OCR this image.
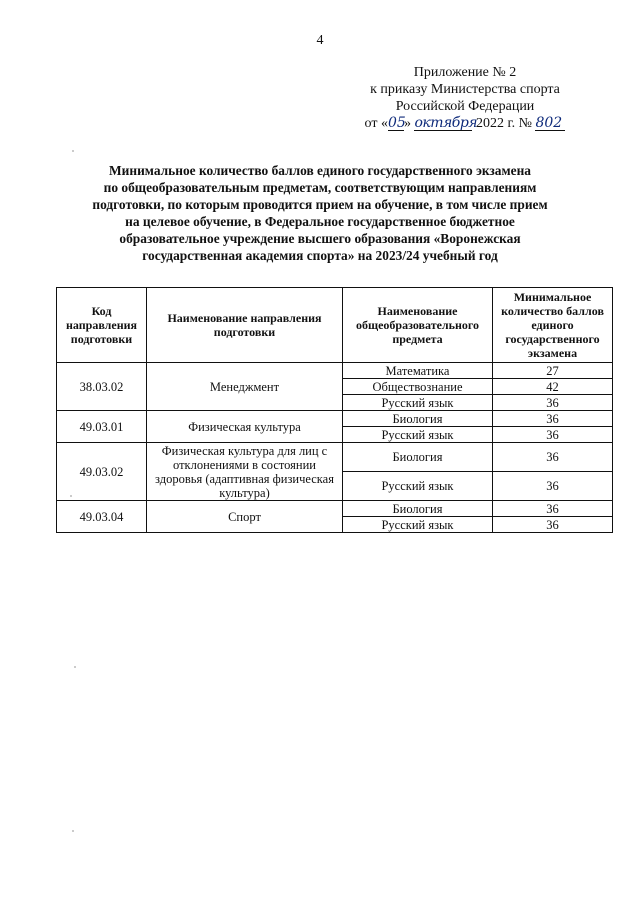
4
Приложение № 2
к приказу Министерства спорта
Российской Федерации
от «05» октября 2022 г. № 802
Минимальное количество баллов единого государственного экзамена
по общеобразовательным предметам, соответствующим направлениям
подготовки, по которым проводится прием на обучение, в том числе прием
на целевое обучение, в Федеральное государственное бюджетное
образовательное учреждение высшего образования «Воронежская
государственная академия спорта» на 2023/24 учебный год
Код направления подготовки	Наименование направления подготовки	Наименование общеобразовательного предмета	Минимальное количество баллов единого государственного экзамена
38.03.02	Менеджмент	Математика	27
		Обществознание	42
		Русский язык	36
49.03.01	Физическая культура	Биология	36
		Русский язык	36
49.03.02	Физическая культура для лиц с отклонениями в состоянии здоровья (адаптивная физическая культура)	Биология	36
		Русский язык	36
49.03.04	Спорт	Биология	36
		Русский язык	36
